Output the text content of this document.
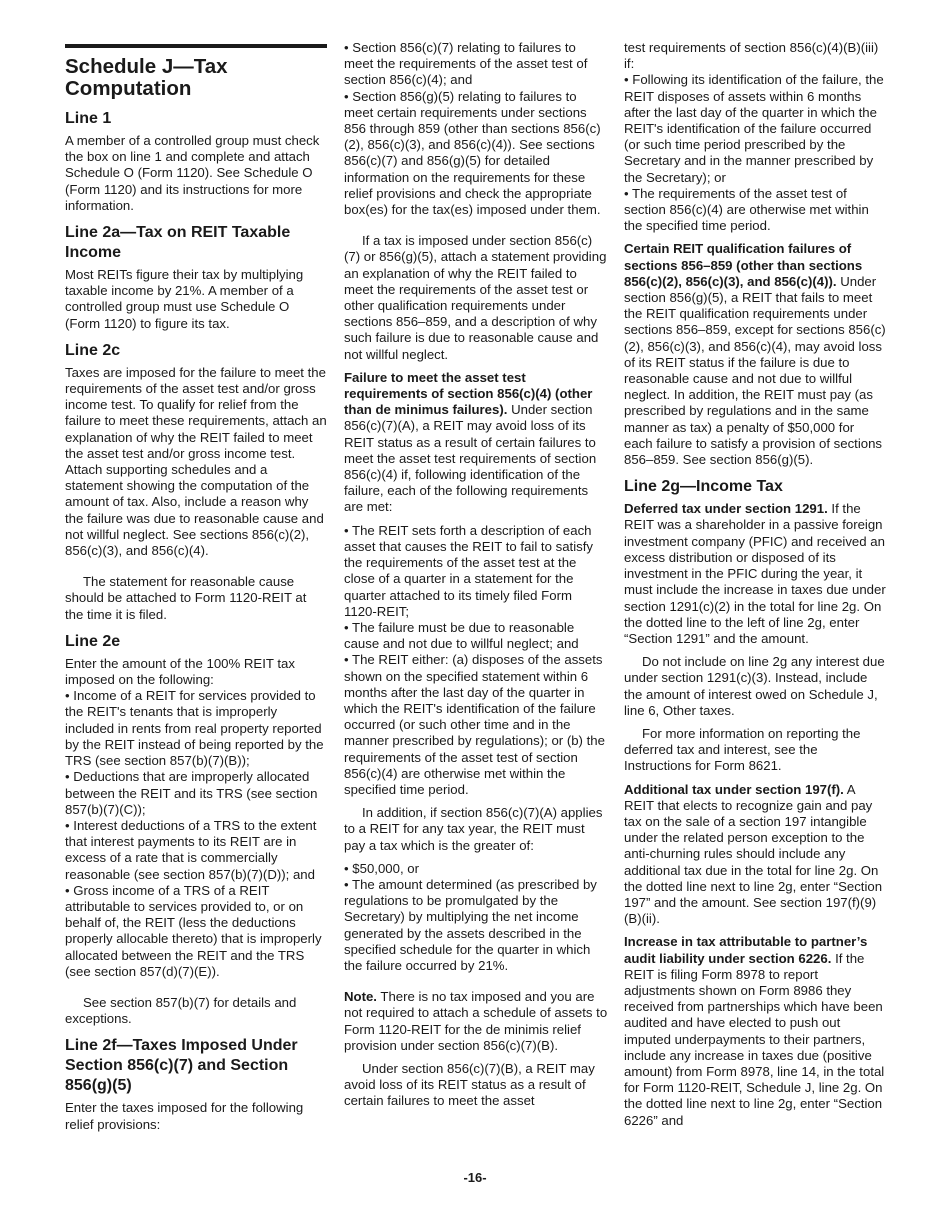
Schedule J—Tax Computation
Line 1

A member of a controlled group must check the box on line 1 and complete and attach Schedule O (Form 1120). See Schedule O (Form 1120) and its instructions for more information.

Line 2a—Tax on REIT Taxable Income

Most REITs figure their tax by multiplying taxable income by 21%. A member of a controlled group must use Schedule O (Form 1120) to figure its tax.

Line 2c

Taxes are imposed for the failure to meet the requirements of the asset test and/or gross income test. To qualify for relief from the failure to meet these requirements, attach an explanation of why the REIT failed to meet the asset test and/or gross income test. Attach supporting schedules and a statement showing the computation of the amount of tax. Also, include a reason why the failure was due to reasonable cause and not willful neglect. See sections 856(c)(2), 856(c)(3), and 856(c)(4).

The statement for reasonable cause should be attached to Form 1120-REIT at the time it is filed.

Line 2e

Enter the amount of the 100% REIT tax imposed on the following:

• Income of a REIT for services provided to the REIT's tenants that is improperly included in rents from real property reported by the REIT instead of being reported by the TRS (see section 857(b)(7)(B));

• Deductions that are improperly allocated between the REIT and its TRS (see section 857(b)(7)(C));

• Interest deductions of a TRS to the extent that interest payments to its REIT are in excess of a rate that is commercially reasonable (see section 857(b)(7)(D)); and

• Gross income of a TRS of a REIT attributable to services provided to, or on behalf of, the REIT (less the deductions properly allocable thereto) that is improperly allocated between the REIT and the TRS (see section 857(d)(7)(E)).

See section 857(b)(7) for details and exceptions.

Line 2f—Taxes Imposed Under Section 856(c)(7) and Section 856(g)(5)

Enter the taxes imposed for the following relief provisions:

• Section 856(c)(7) relating to failures to meet the requirements of the asset test of section 856(c)(4); and

• Section 856(g)(5) relating to failures to meet certain requirements under sections 856 through 859 (other than sections 856(c)(2), 856(c)(3), and 856(c)(4)). See sections 856(c)(7) and 856(g)(5) for detailed information on the requirements for these relief provisions and check the appropriate box(es) for the tax(es) imposed under them.

If a tax is imposed under section 856(c)(7) or 856(g)(5), attach a statement providing an explanation of why the REIT failed to meet the requirements of the asset test or other qualification requirements under sections 856–859, and a description of why such failure is due to reasonable cause and not willful neglect.

Failure to meet the asset test requirements of section 856(c)(4) (other than de minimus failures). Under section 856(c)(7)(A), a REIT may avoid loss of its REIT status as a result of certain failures to meet the asset test requirements of section 856(c)(4) if, following identification of the failure, each of the following requirements are met:

• The REIT sets forth a description of each asset that causes the REIT to fail to satisfy the requirements of the asset test at the close of a quarter in a statement for the quarter attached to its timely filed Form 1120-REIT;

• The failure must be due to reasonable cause and not due to willful neglect; and

• The REIT either: (a) disposes of the assets shown on the specified statement within 6 months after the last day of the quarter in which the REIT's identification of the failure occurred (or such other time and in the manner prescribed by regulations); or (b) the requirements of the asset test of section 856(c)(4) are otherwise met within the specified time period.

In addition, if section 856(c)(7)(A) applies to a REIT for any tax year, the REIT must pay a tax which is the greater of:

• $50,000, or

• The amount determined (as prescribed by regulations to be promulgated by the Secretary) by multiplying the net income generated by the assets described in the specified schedule for the quarter in which the failure occurred by 21%.

Note. There is no tax imposed and you are not required to attach a schedule of assets to Form 1120-REIT for the de minimis relief provision under section 856(c)(7)(B).

Under section 856(c)(7)(B), a REIT may avoid loss of its REIT status as a result of certain failures to meet the asset

test requirements of section 856(c)(4)(B)(iii) if:

• Following its identification of the failure, the REIT disposes of assets within 6 months after the last day of the quarter in which the REIT's identification of the failure occurred (or such time period prescribed by the Secretary and in the manner prescribed by the Secretary); or

• The requirements of the asset test of section 856(c)(4) are otherwise met within the specified time period.

Certain REIT qualification failures of sections 856–859 (other than sections 856(c)(2), 856(c)(3), and 856(c)(4)). Under section 856(g)(5), a REIT that fails to meet the REIT qualification requirements under sections 856–859, except for sections 856(c)(2), 856(c)(3), and 856(c)(4), may avoid loss of its REIT status if the failure is due to reasonable cause and not due to willful neglect. In addition, the REIT must pay (as prescribed by regulations and in the same manner as tax) a penalty of $50,000 for each failure to satisfy a provision of sections 856–859. See section 856(g)(5).

Line 2g—Income Tax

Deferred tax under section 1291. If the REIT was a shareholder in a passive foreign investment company (PFIC) and received an excess distribution or disposed of its investment in the PFIC during the year, it must include the increase in taxes due under section 1291(c)(2) in the total for line 2g. On the dotted line to the left of line 2g, enter “Section 1291” and the amount.

Do not include on line 2g any interest due under section 1291(c)(3). Instead, include the amount of interest owed on Schedule J, line 6, Other taxes.

For more information on reporting the deferred tax and interest, see the Instructions for Form 8621.

Additional tax under section 197(f). A REIT that elects to recognize gain and pay tax on the sale of a section 197 intangible under the related person exception to the anti-churning rules should include any additional tax due in the total for line 2g. On the dotted line next to line 2g, enter “Section 197” and the amount. See section 197(f)(9)(B)(ii).

Increase in tax attributable to partner’s audit liability under section 6226. If the REIT is filing Form 8978 to report adjustments shown on Form 8986 they received from partnerships which have been audited and have elected to push out imputed underpayments to their partners, include any increase in taxes due (positive amount) from Form 8978, line 14, in the total for Form 1120-REIT, Schedule J, line 2g. On the dotted line next to line 2g, enter “Section 6226” and

-16-
